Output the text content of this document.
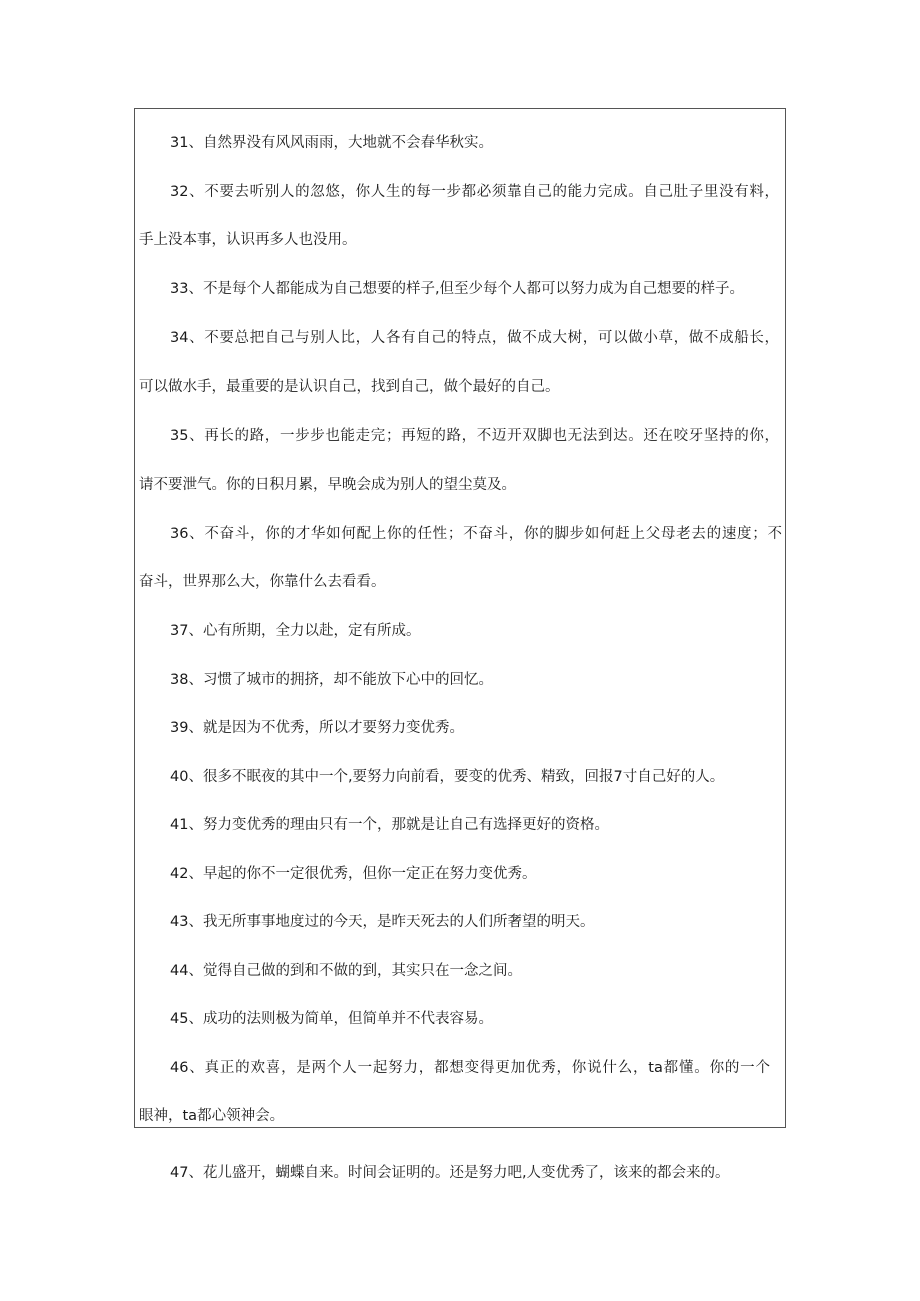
31、自然界没有风风雨雨，大地就不会春华秋实。
32、不要去听别人的忽悠，你人生的每一步都必须靠自己的能力完成。自己肚子里没有料，
手上没本事，认识再多人也没用。
33、不是每个人都能成为自己想要的样子,但至少每个人都可以努力成为自己想要的样子。
34、不要总把自己与别人比，人各有自己的特点，做不成大树，可以做小草，做不成船长，
可以做水手，最重要的是认识自己，找到自己，做个最好的自己。
35、再长的路，一步步也能走完；再短的路，不迈开双脚也无法到达。还在咬牙坚持的你，
请不要泄气。你的日积月累，早晚会成为别人的望尘莫及。
36、不奋斗，你的才华如何配上你的任性；不奋斗，你的脚步如何赶上父母老去的速度；不
奋斗，世界那么大，你靠什么去看看。
37、心有所期，全力以赴，定有所成。
38、习惯了城市的拥挤，却不能放下心中的回忆。
39、就是因为不优秀，所以才要努力变优秀。
40、很多不眠夜的其中一个,要努力向前看，要变的优秀、精致，回报7寸自己好的人。
41、努力变优秀的理由只有一个，那就是让自己有选择更好的资格。
42、早起的你不一定很优秀，但你一定正在努力变优秀。
43、我无所事事地度过的今天，是昨天死去的人们所奢望的明天。
44、觉得自己做的到和不做的到，其实只在一念之间。
45、成功的法则极为简单，但简单并不代表容易。
46、真正的欢喜，是两个人一起努力，都想变得更加优秀，你说什么，ta都懂。你的一个
眼神，ta都心领神会。
47、花儿盛开，蝴蝶自来。时间会证明的。还是努力吧,人变优秀了，该来的都会来的。
